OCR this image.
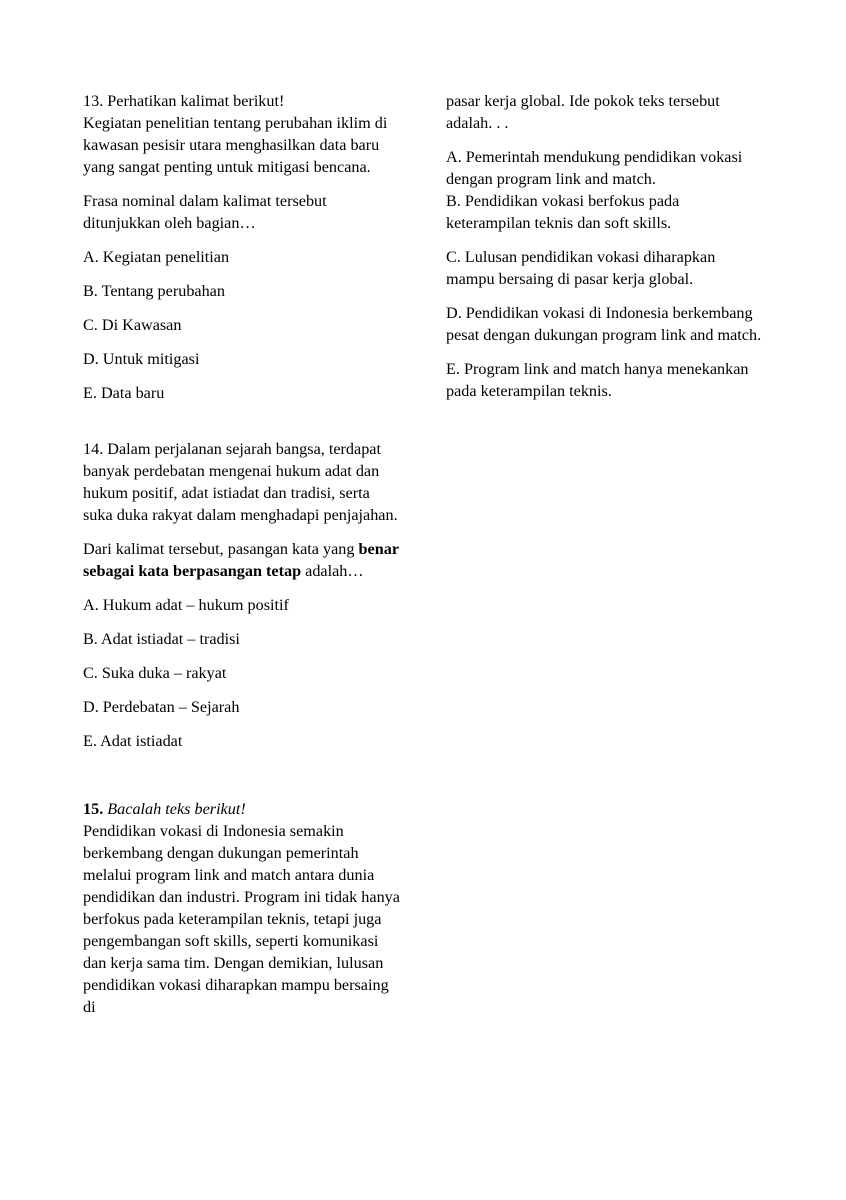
13. Perhatikan kalimat berikut!

Kegiatan penelitian tentang perubahan iklim di kawasan pesisir utara menghasilkan data baru yang sangat penting untuk mitigasi bencana.

Frasa nominal dalam kalimat tersebut ditunjukkan oleh bagian…

A. Kegiatan penelitian

B. Tentang perubahan

C. Di Kawasan

D. Untuk mitigasi

E. Data baru

14. Dalam perjalanan sejarah bangsa, terdapat banyak perdebatan mengenai hukum adat dan hukum positif, adat istiadat dan tradisi, serta suka duka rakyat dalam menghadapi penjajahan.

Dari kalimat tersebut, pasangan kata yang benar sebagai kata berpasangan tetap adalah…

A. Hukum adat – hukum positif

B. Adat istiadat – tradisi

C. Suka duka – rakyat

D. Perdebatan – Sejarah

E. Adat istiadat

15. Bacalah teks berikut!

Pendidikan vokasi di Indonesia semakin berkembang dengan dukungan pemerintah melalui program link and match antara dunia pendidikan dan industri. Program ini tidak hanya berfokus pada keterampilan teknis, tetapi juga pengembangan soft skills, seperti komunikasi dan kerja sama tim. Dengan demikian, lulusan pendidikan vokasi diharapkan mampu bersaing di

pasar kerja global. Ide pokok teks tersebut adalah. . .

A. Pemerintah mendukung pendidikan vokasi dengan program link and match.

B. Pendidikan vokasi berfokus pada keterampilan teknis dan soft skills.

C. Lulusan pendidikan vokasi diharapkan mampu bersaing di pasar kerja global.

D. Pendidikan vokasi di Indonesia berkembang pesat dengan dukungan program link and match.

E. Program link and match hanya menekankan pada keterampilan teknis.
